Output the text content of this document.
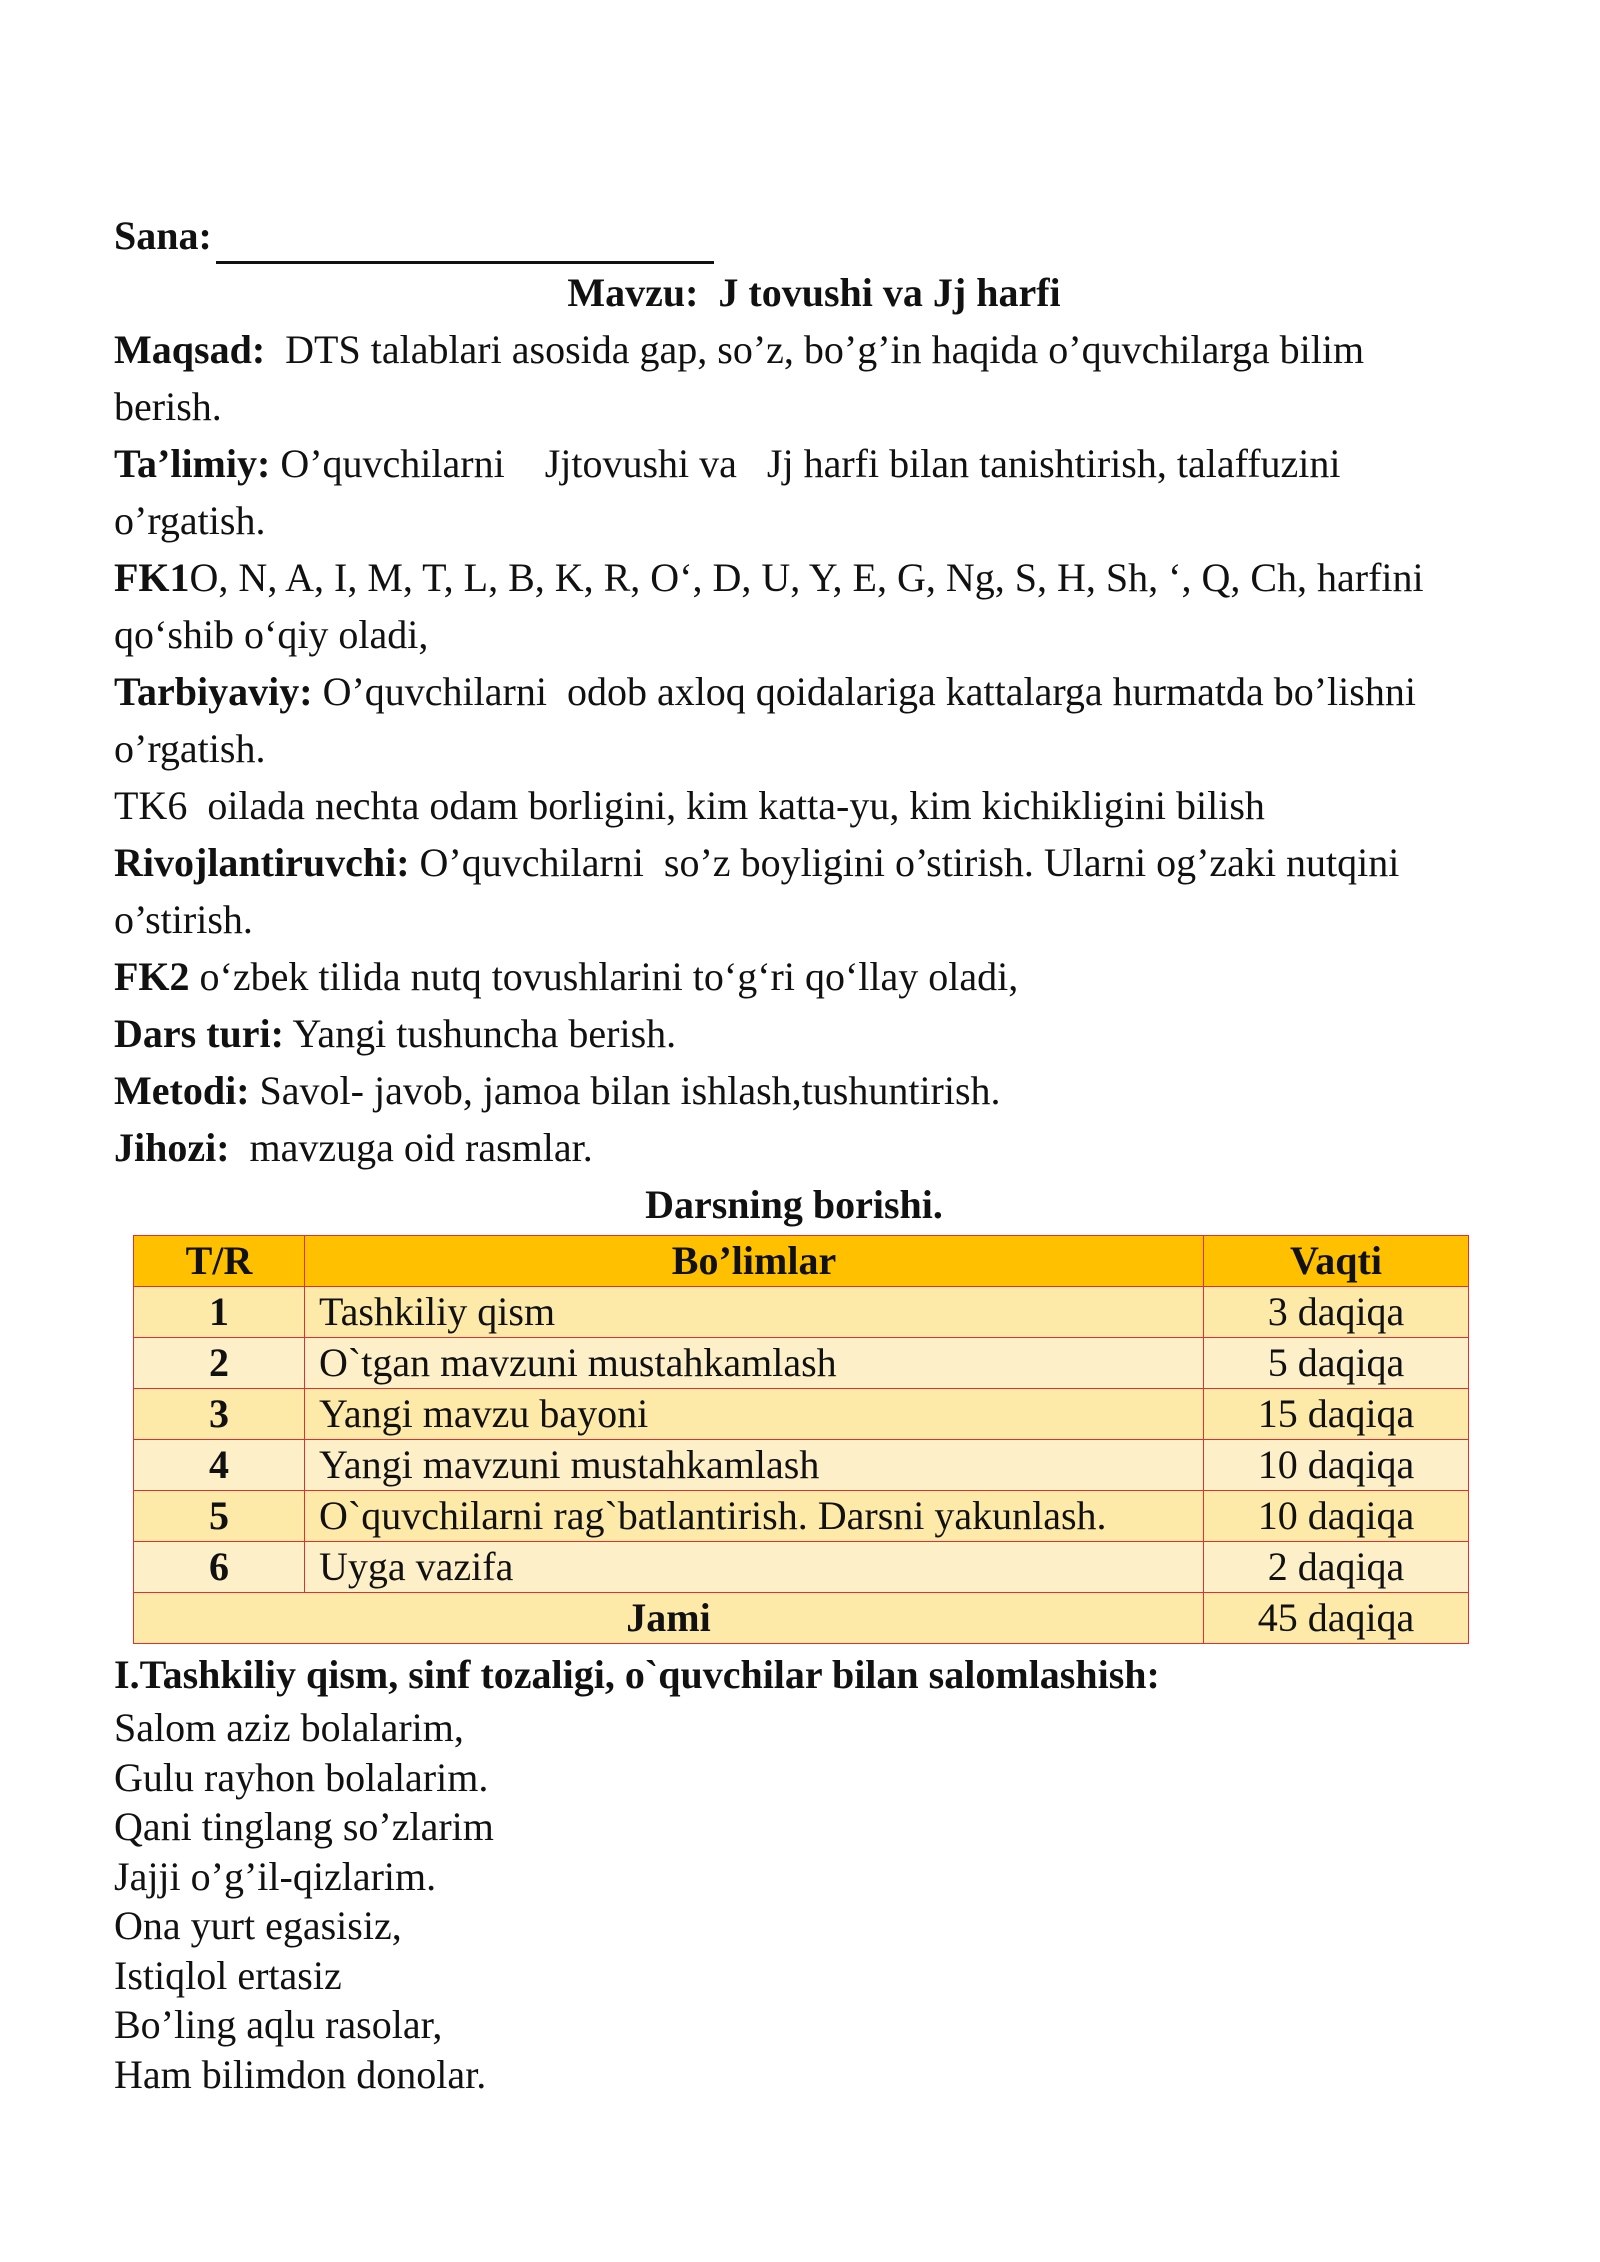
Sana:

Mavzu: J tovushi va Jj harfi

Maqsad: DTS talablari asosida gap, so’z, bo’g’in haqida o’quvchilarga bilim berish.

Ta’limiy: O’quvchilarni    Jjtovushi va   Jj harfi bilan tanishtirish, talaffuzini o’rgatish.

FK1O, N, A, I, M, T, L, B, K, R, O‘, D, U, Y, E, G, Ng, S, H, Sh, ‘, Q, Ch, harfini qo‘shib o‘qiy oladi,

Tarbiyaviy: O’quvchilarni  odob axloq qoidalariga kattalarga hurmatda bo’lishni o’rgatish.

TK6  oilada nechta odam borligini, kim katta-yu, kim kichikligini bilish

Rivojlantiruvchi: O’quvchilarni  so’z boyligini o’stirish. Ularni og’zaki nutqini o’stirish.

FK2 o‘zbek tilida nutq tovushlarini to‘g‘ri qo‘llay oladi,

Dars turi: Yangi tushuncha berish.

Metodi: Savol- javob, jamoa bilan ishlash,tushuntirish.

Jihozi: mavzuga oid rasmlar.

Darsning borishi.

T/R	Bo’limlar	Vaqti
1	Tashkiliy qism	3 daqiqa
2	O`tgan mavzuni mustahkamlash	5 daqiqa
3	Yangi mavzu bayoni	15 daqiqa
4	Yangi mavzuni mustahkamlash	10 daqiqa
5	O`quvchilarni rag`batlantirish. Darsni yakunlash.	10 daqiqa
6	Uyga vazifa	2 daqiqa
Jami		45 daqiqa

I.Tashkiliy qism, sinf tozaligi, o`quvchilar bilan salomlashish:

Salom aziz bolalarim,

Gulu rayhon bolalarim.

Qani tinglang so’zlarim

Jajji o’g’il-qizlarim.

Ona yurt egasisiz,

Istiqlol ertasiz

Bo’ling aqlu rasolar,

Ham bilimdon donolar.
